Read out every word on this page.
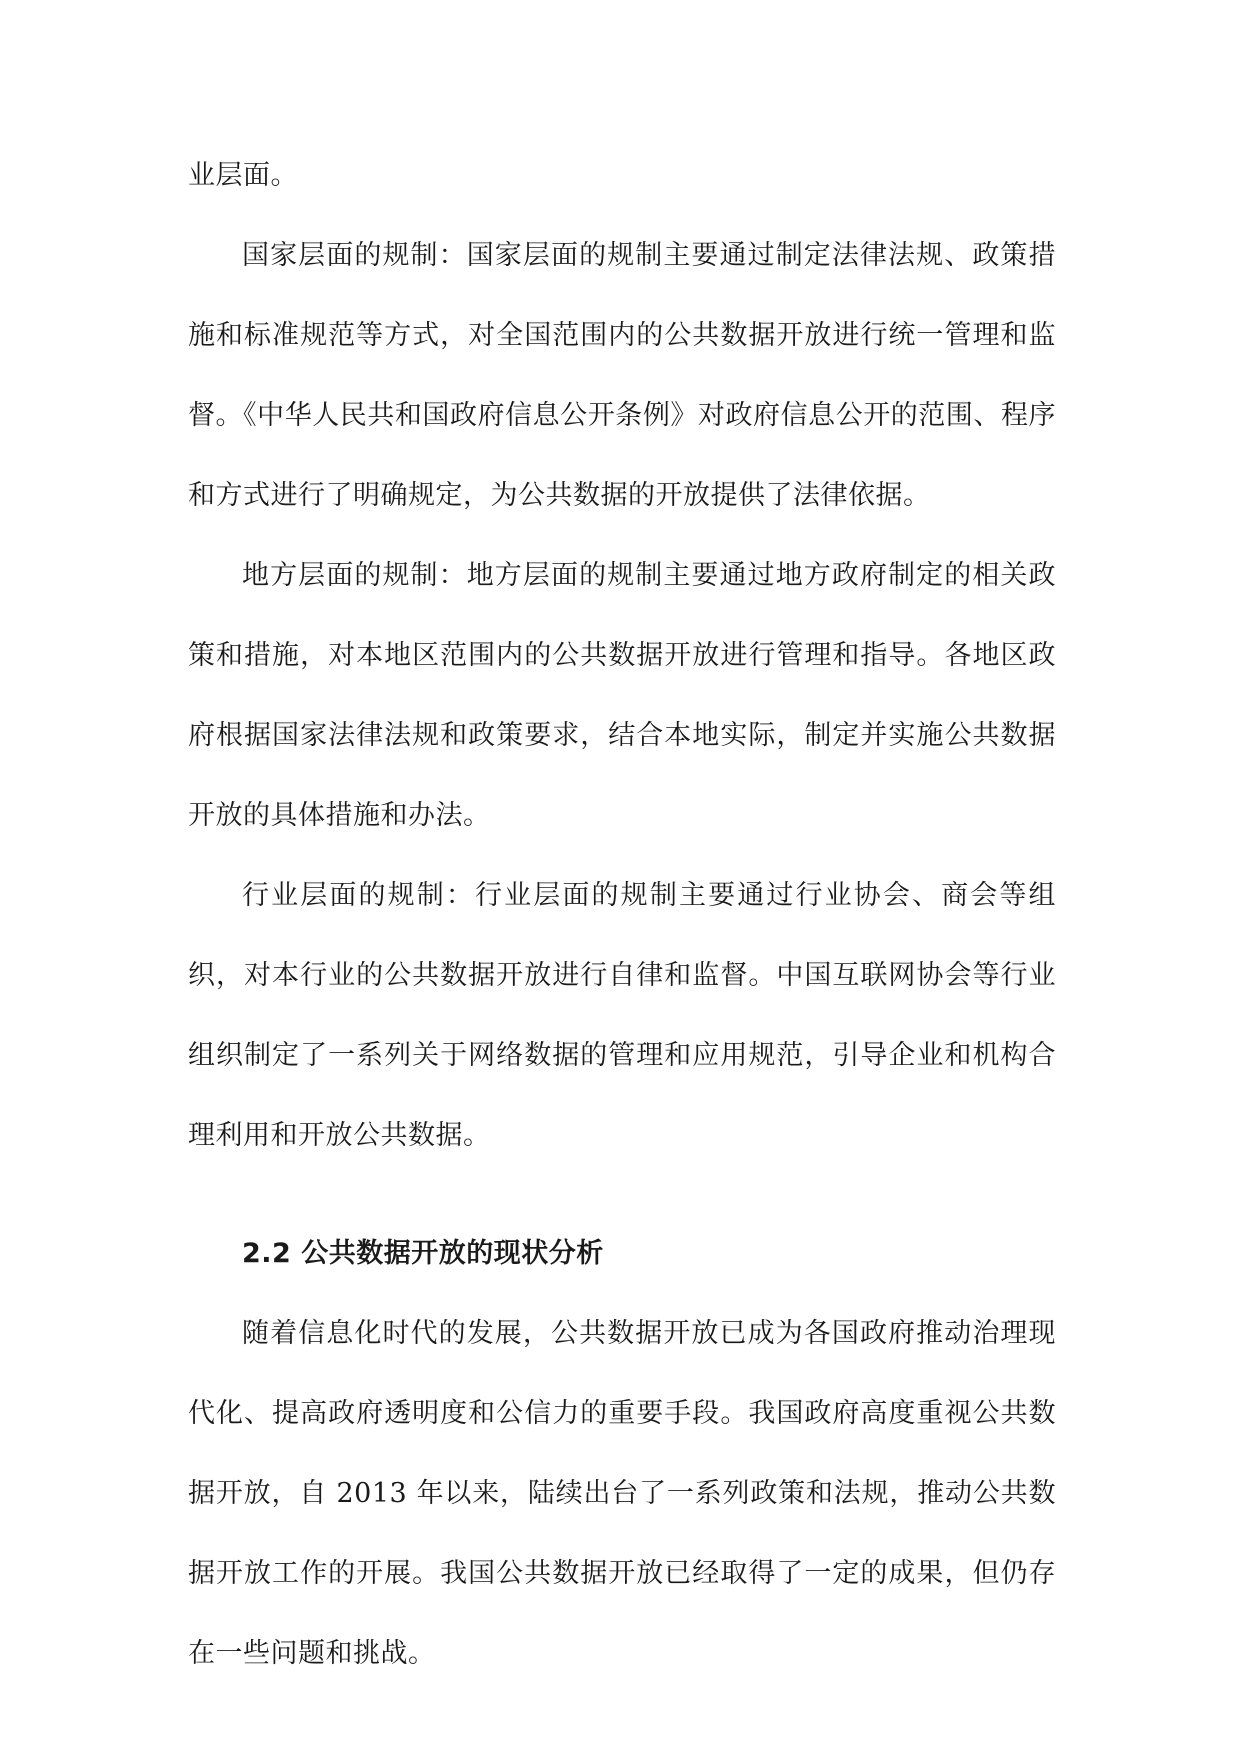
业层面。

国家层面的规制：国家层面的规制主要通过制定法律法规、政策措施和标准规范等方式，对全国范围内的公共数据开放进行统一管理和监督。《中华人民共和国政府信息公开条例》对政府信息公开的范围、程序和方式进行了明确规定，为公共数据的开放提供了法律依据。

地方层面的规制：地方层面的规制主要通过地方政府制定的相关政策和措施，对本地区范围内的公共数据开放进行管理和指导。各地区政府根据国家法律法规和政策要求，结合本地实际，制定并实施公共数据开放的具体措施和办法。

行业层面的规制：行业层面的规制主要通过行业协会、商会等组织，对本行业的公共数据开放进行自律和监督。中国互联网协会等行业组织制定了一系列关于网络数据的管理和应用规范，引导企业和机构合理利用和开放公共数据。

2.2 公共数据开放的现状分析

随着信息化时代的发展，公共数据开放已成为各国政府推动治理现代化、提高政府透明度和公信力的重要手段。我国政府高度重视公共数据开放，自 2013 年以来，陆续出台了一系列政策和法规，推动公共数据开放工作的开展。我国公共数据开放已经取得了一定的成果，但仍存在一些问题和挑战。
